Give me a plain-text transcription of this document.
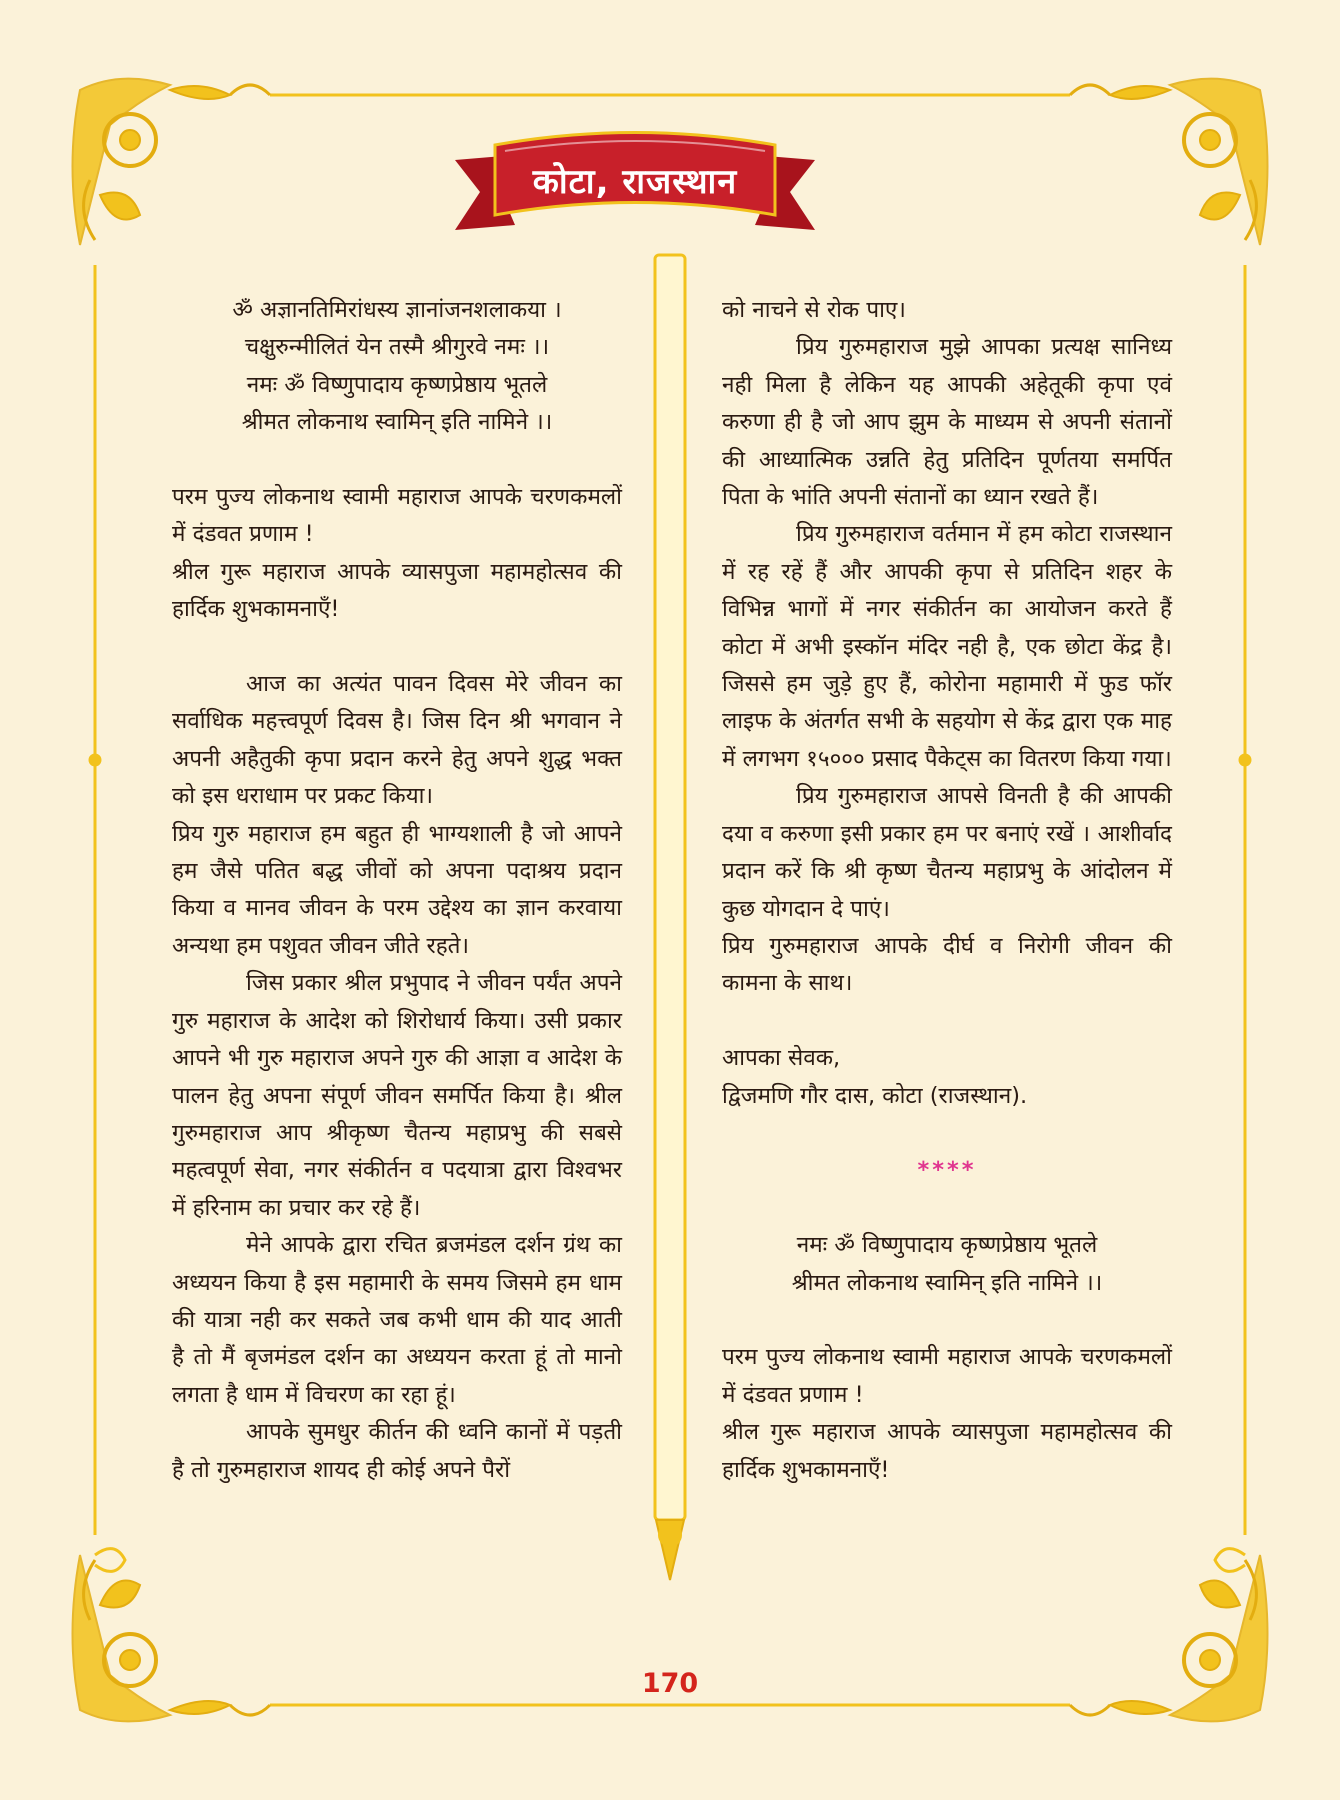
कोटा, राजस्थान

ॐ अज्ञानतिमिरांधस्य ज्ञानांजनशलाकया ।

चक्षुरुन्मीलितं येन तस्मै श्रीगुरवे नमः ।।

नमः ॐ विष्णुपादाय कृष्णप्रेष्ठाय भूतले

श्रीमत लोकनाथ स्वामिन् इति नामिने ।।

परम पुज्य लोकनाथ स्वामी महाराज आपके चरणकमलों में दंडवत प्रणाम !

श्रील गुरू महाराज आपके व्यासपुजा महामहोत्सव की हार्दिक शुभकामनाएँ!

आज का अत्यंत पावन दिवस मेरे जीवन का सर्वाधिक महत्त्वपूर्ण दिवस है। जिस दिन श्री भगवान ने अपनी अहैतुकी कृपा प्रदान करने हेतु अपने शुद्ध भक्त को इस धराधाम पर प्रकट किया।

प्रिय गुरु महाराज हम बहुत ही भाग्यशाली है जो आपने हम जैसे पतित बद्ध जीवों को अपना पदाश्रय प्रदान किया व मानव जीवन के परम उद्देश्य का ज्ञान करवाया अन्यथा हम पशुवत जीवन जीते रहते।

जिस प्रकार श्रील प्रभुपाद ने जीवन पर्यंत अपने गुरु महाराज के आदेश को शिरोधार्य किया। उसी प्रकार आपने भी गुरु महाराज अपने गुरु की आज्ञा व आदेश के पालन हेतु अपना संपूर्ण जीवन समर्पित किया है। श्रील गुरुमहाराज आप श्रीकृष्ण चैतन्य महाप्रभु की सबसे महत्वपूर्ण सेवा, नगर संकीर्तन व पदयात्रा द्वारा विश्वभर में हरिनाम का प्रचार कर रहे हैं।

मेने आपके द्वारा रचित ब्रजमंडल दर्शन ग्रंथ का अध्ययन किया है इस महामारी के समय जिसमे हम धाम की यात्रा नही कर सकते जब कभी धाम की याद आती है तो मैं बृजमंडल दर्शन का अध्ययन करता हूं तो मानो लगता है धाम में विचरण का रहा हूं।

आपके सुमधुर कीर्तन की ध्वनि कानों में पड़ती है तो गुरुमहाराज शायद ही कोई अपने पैरों

को नाचने से रोक पाए।

प्रिय गुरुमहाराज मुझे आपका प्रत्यक्ष सानिध्य नही मिला है लेकिन यह आपकी अहेतूकी कृपा एवं करुणा ही है जो आप झुम के माध्यम से अपनी संतानों की आध्यात्मिक उन्नति हेतु प्रतिदिन पूर्णतया समर्पित पिता के भांति अपनी संतानों का ध्यान रखते हैं।

प्रिय गुरुमहाराज वर्तमान में हम कोटा राजस्थान में रह रहें हैं और आपकी कृपा से प्रतिदिन शहर के विभिन्न भागों में नगर संकीर्तन का आयोजन करते हैं कोटा में अभी इस्कॉन मंदिर नही है, एक छोटा केंद्र है। जिससे हम जुड़े हुए हैं, कोरोना महामारी में फुड फॉर लाइफ के अंतर्गत सभी के सहयोग से केंद्र द्वारा एक माह में लगभग १५००० प्रसाद पैकेट्स का वितरण किया गया।

प्रिय गुरुमहाराज आपसे विनती है की आपकी दया व करुणा इसी प्रकार हम पर बनाएं रखें । आशीर्वाद प्रदान करें कि श्री कृष्ण चैतन्य महाप्रभु के आंदोलन में कुछ योगदान दे पाएं।

प्रिय गुरुमहाराज आपके दीर्घ व निरोगी जीवन की कामना के साथ।

आपका सेवक,

द्विजमणि गौर दास, कोटा (राजस्थान).

****

नमः ॐ विष्णुपादाय कृष्णप्रेष्ठाय भूतले

श्रीमत लोकनाथ स्वामिन् इति नामिने ।।

परम पुज्य लोकनाथ स्वामी महाराज आपके चरणकमलों में दंडवत प्रणाम !

श्रील गुरू महाराज आपके व्यासपुजा महामहोत्सव की हार्दिक शुभकामनाएँ!

170
